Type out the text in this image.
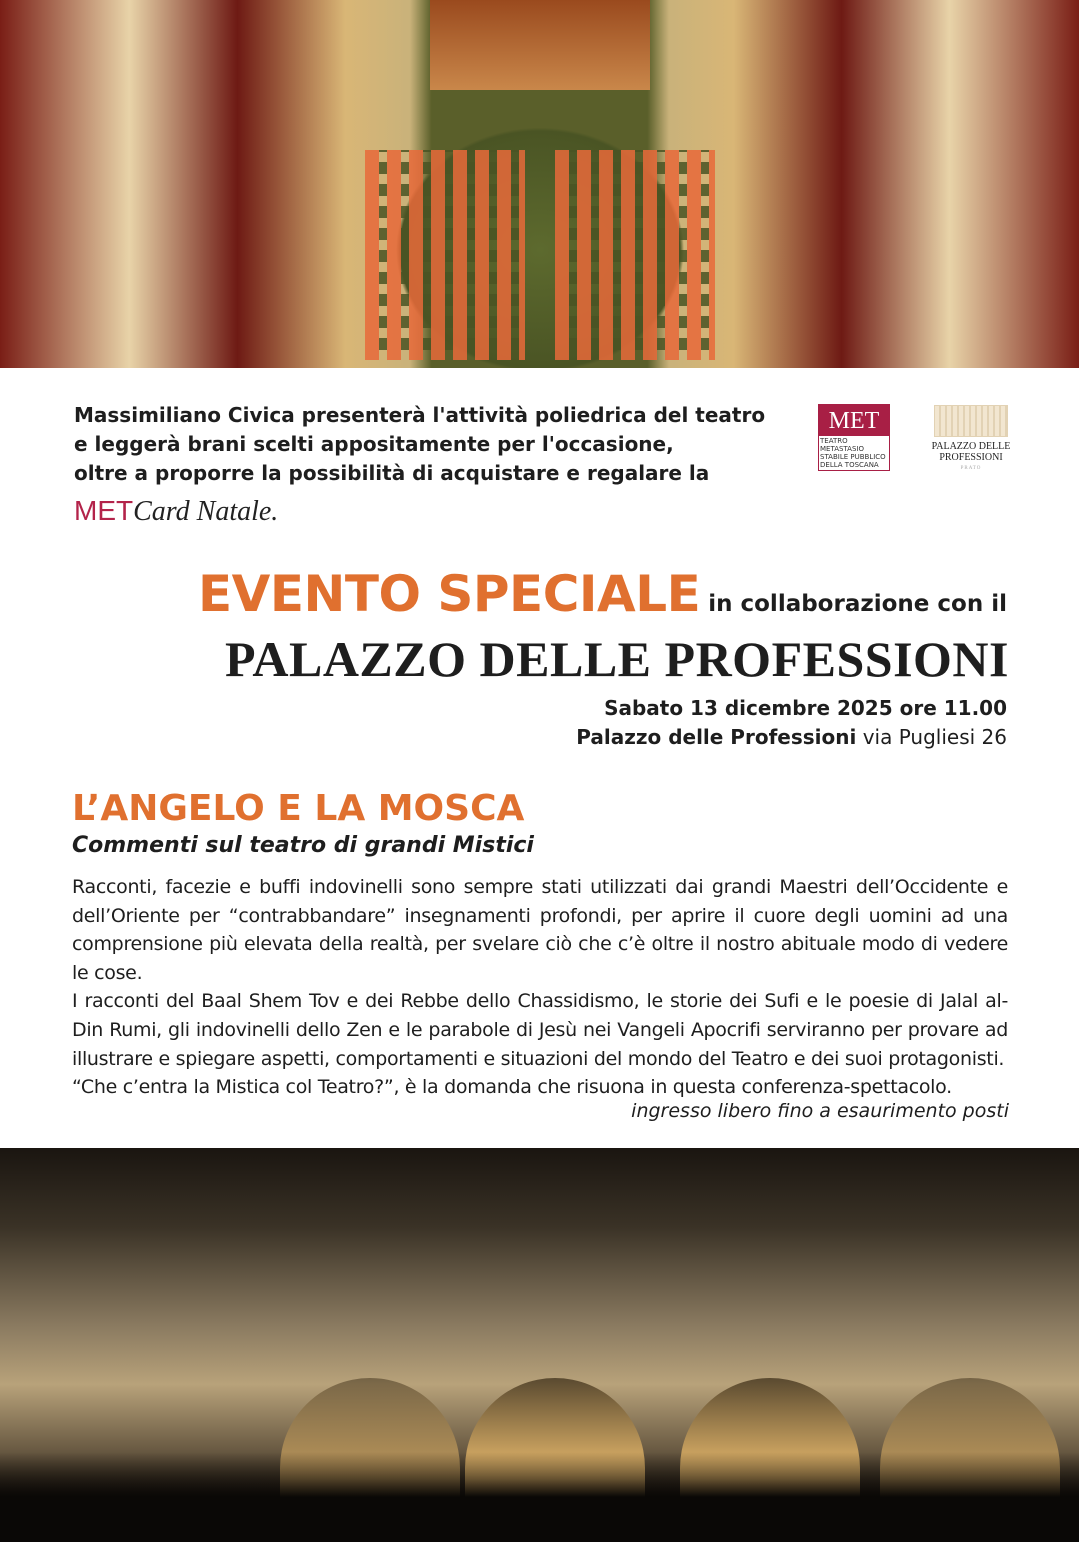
Massimiliano Civica presenterà l'attività poliedrica del teatro
e leggerà brani scelti appositamente per l'occasione,
oltre a proporre la possibilità di acquistare e regalare la
METCard Natale.
MET
TEATRO METASTASIO
STABILE PUBBLICO
DELLA TOSCANA
PALAZZO DELLE
PROFESSIONI
PRATO
EVENTO SPECIALE in collaborazione con il
PALAZZO DELLE PROFESSIONI
Sabato 13 dicembre 2025 ore 11.00
Palazzo delle Professioni via Pugliesi 26
L’ANGELO E LA MOSCA
Commenti sul teatro di grandi Mistici

Racconti, facezie e buffi indovinelli sono sempre stati utilizzati dai grandi Maestri dell’Occidente e dell’Oriente per “contrabbandare” insegnamenti profondi, per aprire il cuore degli uomini ad una comprensione più elevata della realtà, per svelare ciò che c’è oltre il nostro abituale modo di vedere le cose.

I racconti del Baal Shem Tov e dei Rebbe dello Chassidismo, le storie dei Sufi e le poesie di Jalal al-Din Rumi, gli indovinelli dello Zen e le parabole di Jesù nei Vangeli Apocrifi serviranno per provare ad illustrare e spiegare aspetti, comportamenti e situazioni del mondo del Teatro e dei suoi protagonisti.

“Che c’entra la Mistica col Teatro?”, è la domanda che risuona in questa conferenza-spettacolo.

ingresso libero fino a esaurimento posti
